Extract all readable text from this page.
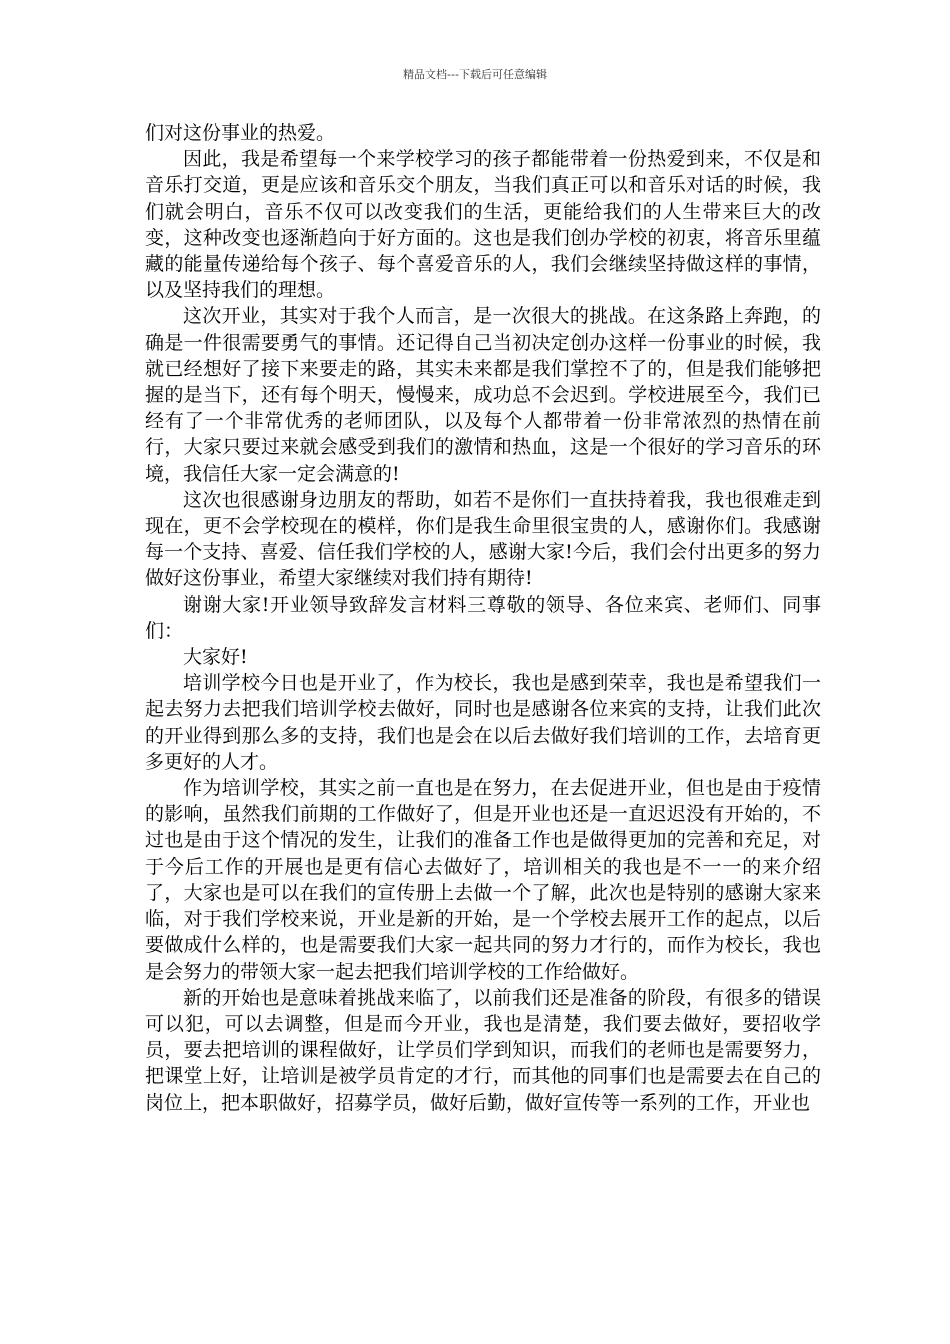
精品文档---下载后可任意编辑

们对这份事业的热爱。

因此，我是希望每一个来学校学习的孩子都能带着一份热爱到来，不仅是和音乐打交道，更是应该和音乐交个朋友，当我们真正可以和音乐对话的时候，我们就会明白，音乐不仅可以改变我们的生活，更能给我们的人生带来巨大的改变，这种改变也逐渐趋向于好方面的。这也是我们创办学校的初衷，将音乐里蕴藏的能量传递给每个孩子、每个喜爱音乐的人，我们会继续坚持做这样的事情，以及坚持我们的理想。

这次开业，其实对于我个人而言，是一次很大的挑战。在这条路上奔跑，的确是一件很需要勇气的事情。还记得自己当初决定创办这样一份事业的时候，我就已经想好了接下来要走的路，其实未来都是我们掌控不了的，但是我们能够把握的是当下，还有每个明天，慢慢来，成功总不会迟到。学校进展至今，我们已经有了一个非常优秀的老师团队，以及每个人都带着一份非常浓烈的热情在前行，大家只要过来就会感受到我们的激情和热血，这是一个很好的学习音乐的环境，我信任大家一定会满意的!

这次也很感谢身边朋友的帮助，如若不是你们一直扶持着我，我也很难走到现在，更不会学校现在的模样，你们是我生命里很宝贵的人，感谢你们。我感谢每一个支持、喜爱、信任我们学校的人，感谢大家!今后，我们会付出更多的努力做好这份事业，希望大家继续对我们持有期待!

谢谢大家!开业领导致辞发言材料三尊敬的领导、各位来宾、老师们、同事们：

大家好!

培训学校今日也是开业了，作为校长，我也是感到荣幸，我也是希望我们一起去努力去把我们培训学校去做好，同时也是感谢各位来宾的支持，让我们此次的开业得到那么多的支持，我们也是会在以后去做好我们培训的工作，去培育更多更好的人才。

作为培训学校，其实之前一直也是在努力，在去促进开业，但也是由于疫情的影响，虽然我们前期的工作做好了，但是开业也还是一直迟迟没有开始的，不过也是由于这个情况的发生，让我们的准备工作也是做得更加的完善和充足，对于今后工作的开展也是更有信心去做好了，培训相关的我也是不一一的来介绍了，大家也是可以在我们的宣传册上去做一个了解，此次也是特别的感谢大家来临，对于我们学校来说，开业是新的开始，是一个学校去展开工作的起点，以后要做成什么样的，也是需要我们大家一起共同的努力才行的，而作为校长，我也是会努力的带领大家一起去把我们培训学校的工作给做好。

新的开始也是意味着挑战来临了，以前我们还是准备的阶段，有很多的错误可以犯，可以去调整，但是而今开业，我也是清楚，我们要去做好，要招收学员，要去把培训的课程做好，让学员们学到知识，而我们的老师也是需要努力，把课堂上好，让培训是被学员肯定的才行，而其他的同事们也是需要去在自己的岗位上，把本职做好，招募学员，做好后勤，做好宣传等一系列的工作，开业也
